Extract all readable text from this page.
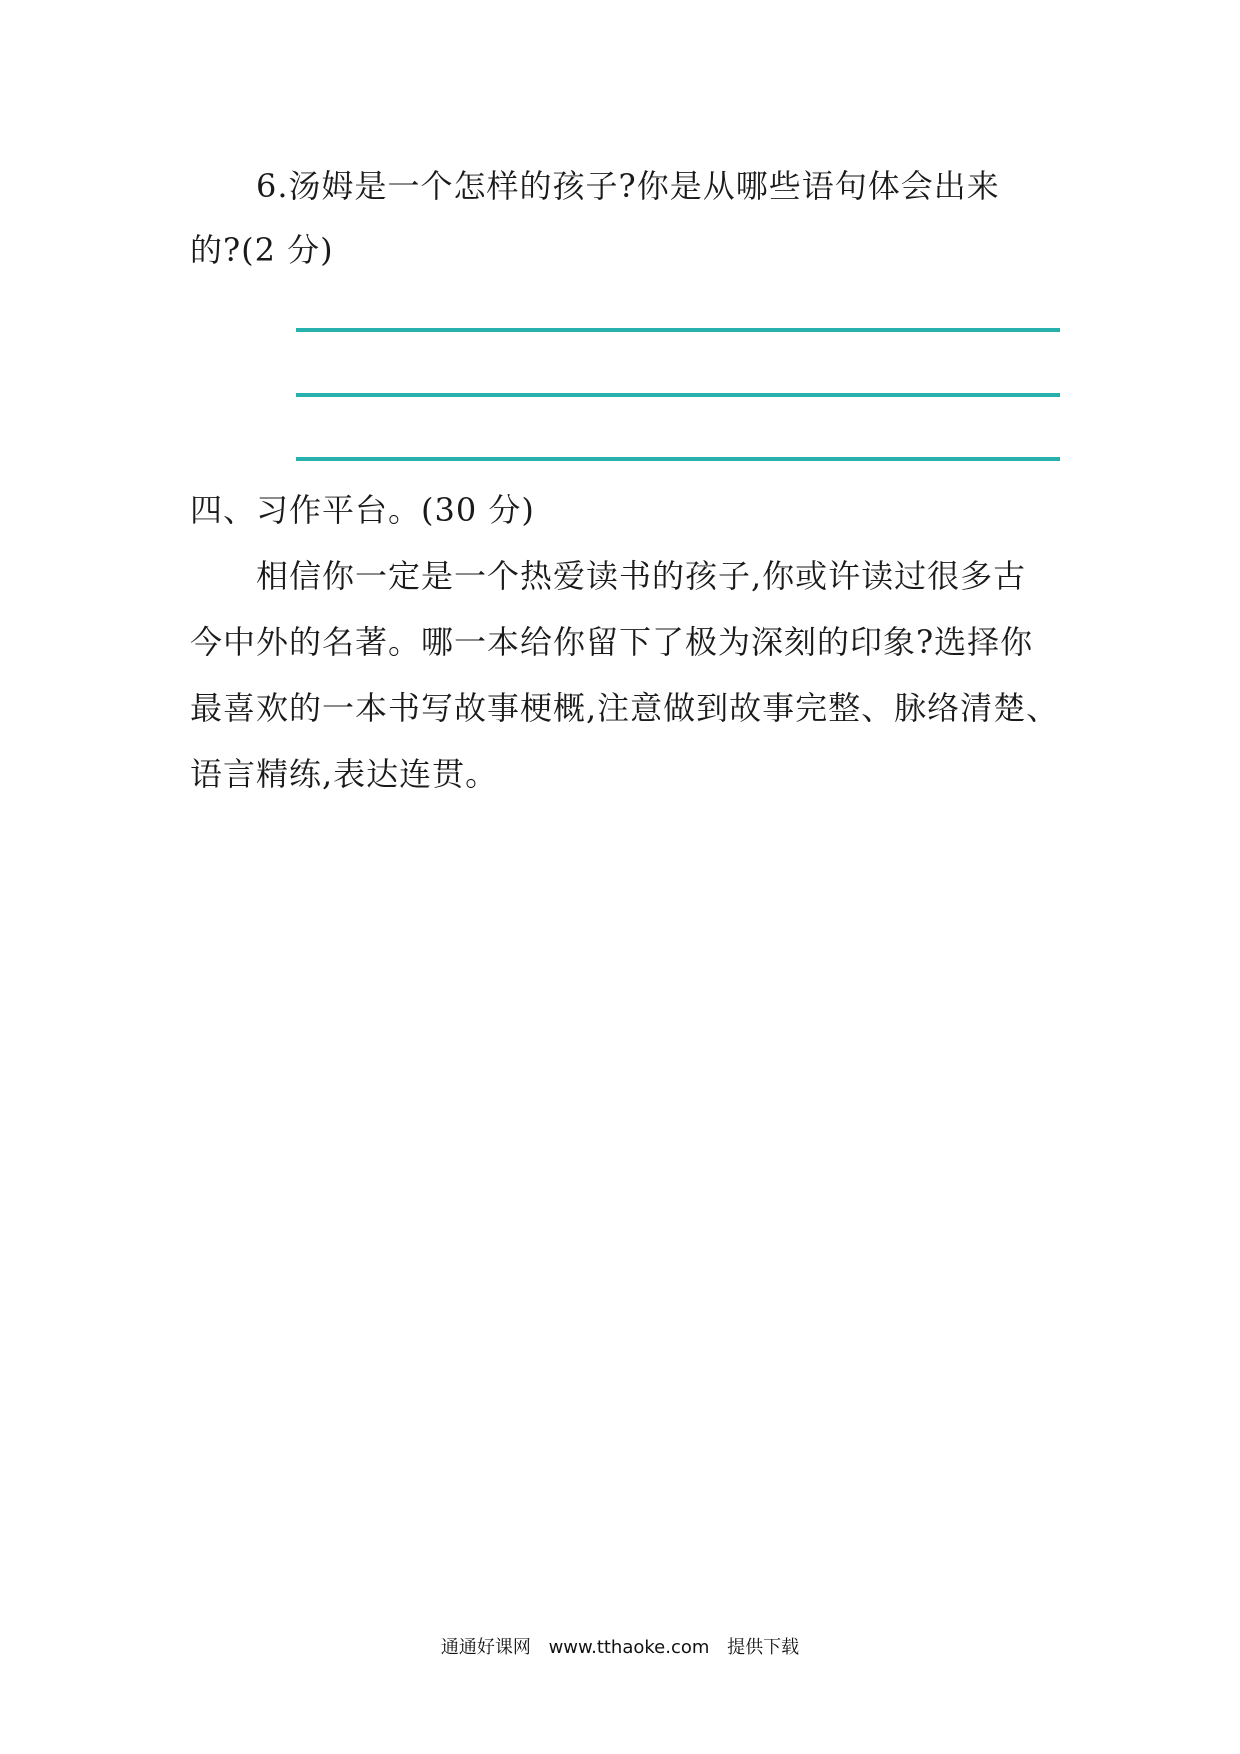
6.汤姆是一个怎样的孩子?你是从哪些语句体会出来
的?(2 分)
四、习作平台。(30 分)
相信你一定是一个热爱读书的孩子,你或许读过很多古
今中外的名著。哪一本给你留下了极为深刻的印象?选择你
最喜欢的一本书写故事梗概,注意做到故事完整、脉络清楚、
语言精练,表达连贯。
通通好课网 www.tthaoke.com 提供下载
